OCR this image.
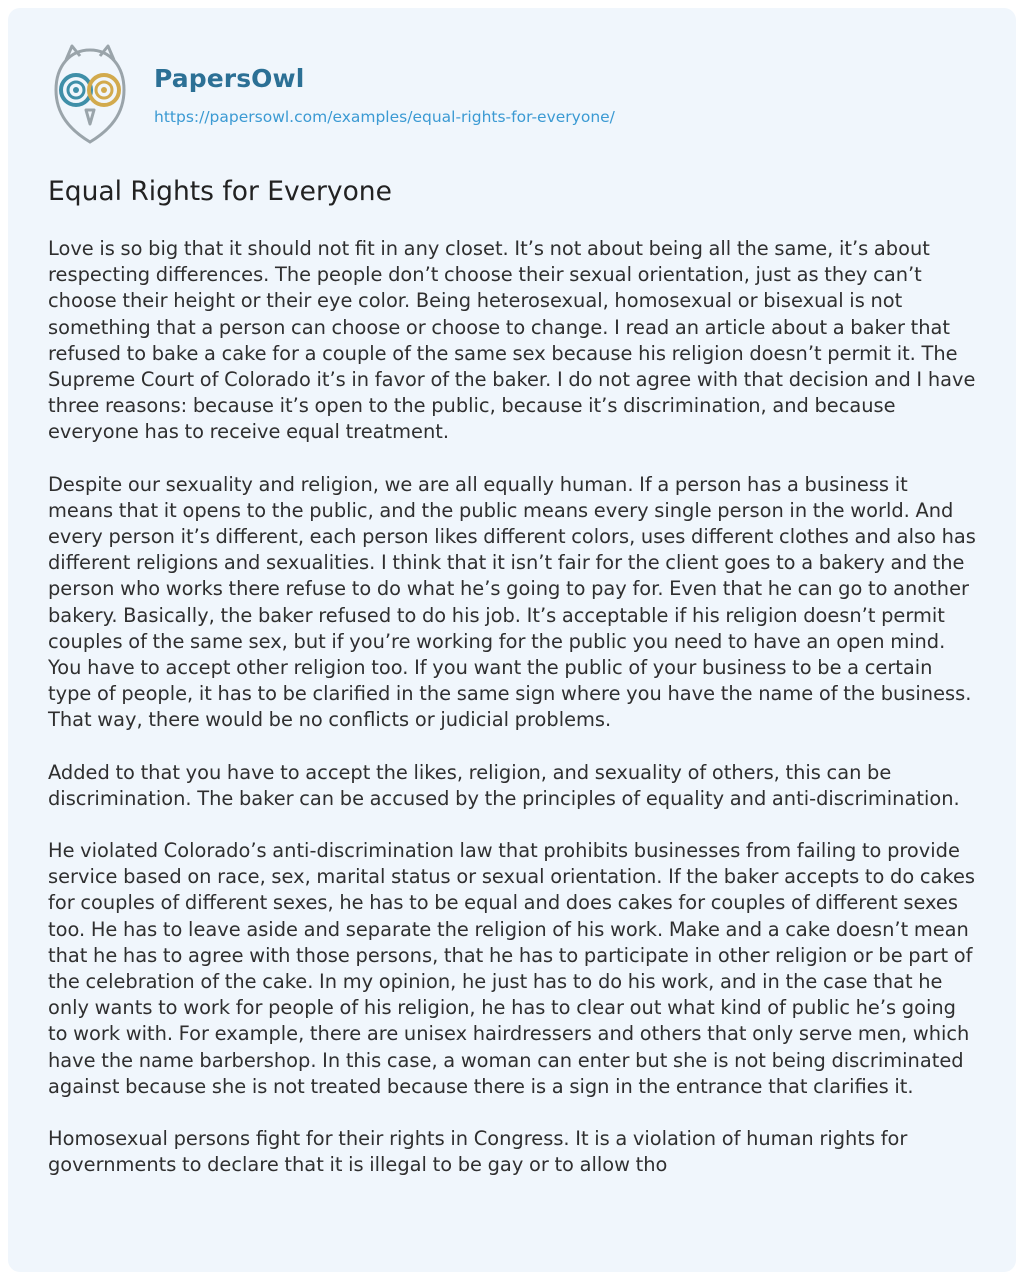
PapersOwl
https://papersowl.com/examples/equal-rights-for-everyone/
Equal Rights for Everyone

Love is so big that it should not fit in any closet. It’s not about being all the same, it’s about respecting differences. The people don’t choose their sexual orientation, just as they can’t choose their height or their eye color. Being heterosexual, homosexual or bisexual is not something that a person can choose or choose to change. I read an article about a baker that refused to bake a cake for a couple of the same sex because his religion doesn’t permit it. The Supreme Court of Colorado it’s in favor of the baker. I do not agree with that decision and I have three reasons: because it’s open to the public, because it’s discrimination, and because everyone has to receive equal treatment.

Despite our sexuality and religion, we are all equally human. If a person has a business it means that it opens to the public, and the public means every single person in the world. And every person it’s different, each person likes different colors, uses different clothes and also has different religions and sexualities. I think that it isn’t fair for the client goes to a bakery and the person who works there refuse to do what he’s going to pay for. Even that he can go to another bakery. Basically, the baker refused to do his job. It’s acceptable if his religion doesn’t permit couples of the same sex, but if you’re working for the public you need to have an open mind. You have to accept other religion too. If you want the public of your business to be a certain type of people, it has to be clarified in the same sign where you have the name of the business. That way, there would be no conflicts or judicial problems.

Added to that you have to accept the likes, religion, and sexuality of others, this can be discrimination. The baker can be accused by the principles of equality and anti-discrimination.

He violated Colorado’s anti-discrimination law that prohibits businesses from failing to provide service based on race, sex, marital status or sexual orientation. If the baker accepts to do cakes for couples of different sexes, he has to be equal and does cakes for couples of different sexes too. He has to leave aside and separate the religion of his work. Make and a cake doesn’t mean that he has to agree with those persons, that he has to participate in other religion or be part of the celebration of the cake. In my opinion, he just has to do his work, and in the case that he only wants to work for people of his religion, he has to clear out what kind of public he’s going to work with. For example, there are unisex hairdressers and others that only serve men, which have the name barbershop. In this case, a woman can enter but she is not being discriminated against because she is not treated because there is a sign in the entrance that clarifies it.

Homosexual persons fight for their rights in Congress. It is a violation of human rights for governments to declare that it is illegal to be gay or to allow tho
